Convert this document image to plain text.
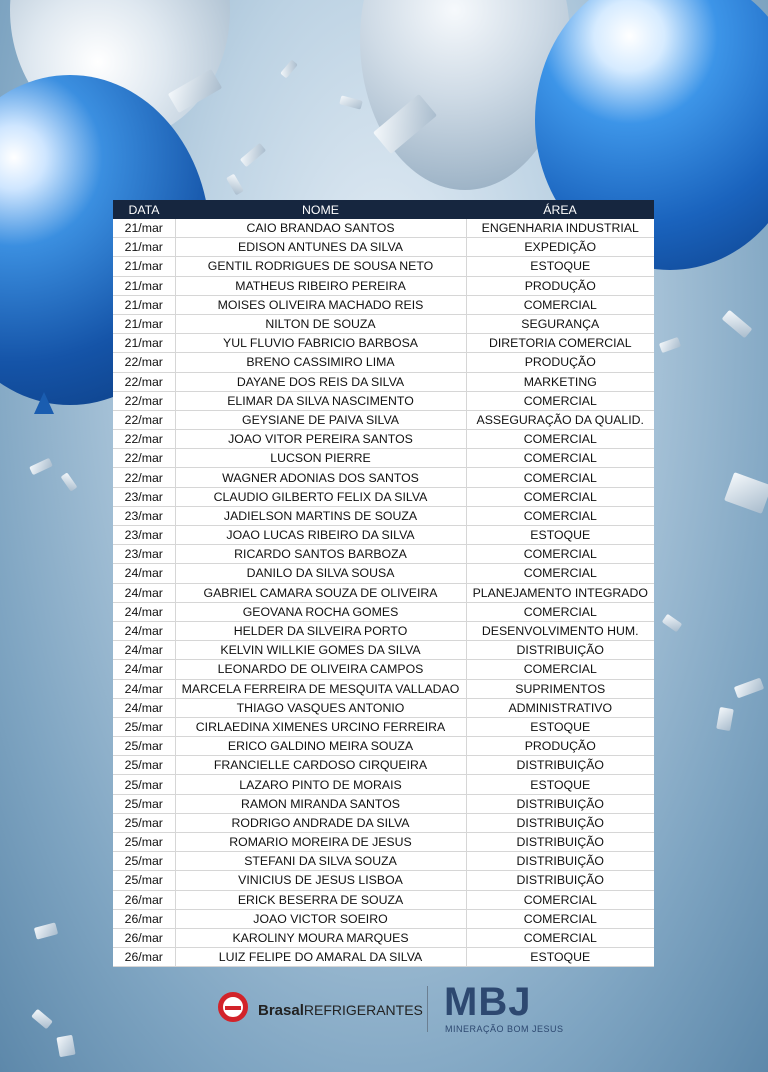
DATA	NOME	ÁREA
21/mar	CAIO BRANDAO SANTOS	ENGENHARIA INDUSTRIAL
21/mar	EDISON ANTUNES DA SILVA	EXPEDIÇÃO
21/mar	GENTIL RODRIGUES DE SOUSA NETO	ESTOQUE
21/mar	MATHEUS RIBEIRO PEREIRA	PRODUÇÃO
21/mar	MOISES OLIVEIRA MACHADO REIS	COMERCIAL
21/mar	NILTON DE SOUZA	SEGURANÇA
21/mar	YUL FLUVIO FABRICIO BARBOSA	DIRETORIA COMERCIAL
22/mar	BRENO CASSIMIRO LIMA	PRODUÇÃO
22/mar	DAYANE DOS REIS DA SILVA	MARKETING
22/mar	ELIMAR DA SILVA NASCIMENTO	COMERCIAL
22/mar	GEYSIANE DE PAIVA SILVA	ASSEGURAÇÃO DA QUALID.
22/mar	JOAO VITOR PEREIRA SANTOS	COMERCIAL
22/mar	LUCSON PIERRE	COMERCIAL
22/mar	WAGNER ADONIAS DOS SANTOS	COMERCIAL
23/mar	CLAUDIO GILBERTO FELIX DA SILVA	COMERCIAL
23/mar	JADIELSON MARTINS DE SOUZA	COMERCIAL
23/mar	JOAO LUCAS RIBEIRO DA SILVA	ESTOQUE
23/mar	RICARDO SANTOS BARBOZA	COMERCIAL
24/mar	DANILO DA SILVA SOUSA	COMERCIAL
24/mar	GABRIEL CAMARA SOUZA DE OLIVEIRA	PLANEJAMENTO INTEGRADO
24/mar	GEOVANA ROCHA GOMES	COMERCIAL
24/mar	HELDER DA SILVEIRA PORTO	DESENVOLVIMENTO HUM.
24/mar	KELVIN WILLKIE GOMES DA SILVA	DISTRIBUIÇÃO
24/mar	LEONARDO DE OLIVEIRA CAMPOS	COMERCIAL
24/mar	MARCELA FERREIRA DE MESQUITA VALLADAO	SUPRIMENTOS
24/mar	THIAGO VASQUES ANTONIO	ADMINISTRATIVO
25/mar	CIRLAEDINA XIMENES URCINO FERREIRA	ESTOQUE
25/mar	ERICO GALDINO MEIRA SOUZA	PRODUÇÃO
25/mar	FRANCIELLE CARDOSO CIRQUEIRA	DISTRIBUIÇÃO
25/mar	LAZARO PINTO DE MORAIS	ESTOQUE
25/mar	RAMON MIRANDA SANTOS	DISTRIBUIÇÃO
25/mar	RODRIGO ANDRADE DA SILVA	DISTRIBUIÇÃO
25/mar	ROMARIO MOREIRA DE JESUS	DISTRIBUIÇÃO
25/mar	STEFANI DA SILVA SOUZA	DISTRIBUIÇÃO
25/mar	VINICIUS DE JESUS LISBOA	DISTRIBUIÇÃO
26/mar	ERICK BESERRA DE SOUZA	COMERCIAL
26/mar	JOAO VICTOR SOEIRO	COMERCIAL
26/mar	KAROLINY MOURA MARQUES	COMERCIAL
26/mar	LUIZ FELIPE DO AMARAL DA SILVA	ESTOQUE
BrasalREFRIGERANTES MBJ
MINERAÇÃO BOM JESUS
